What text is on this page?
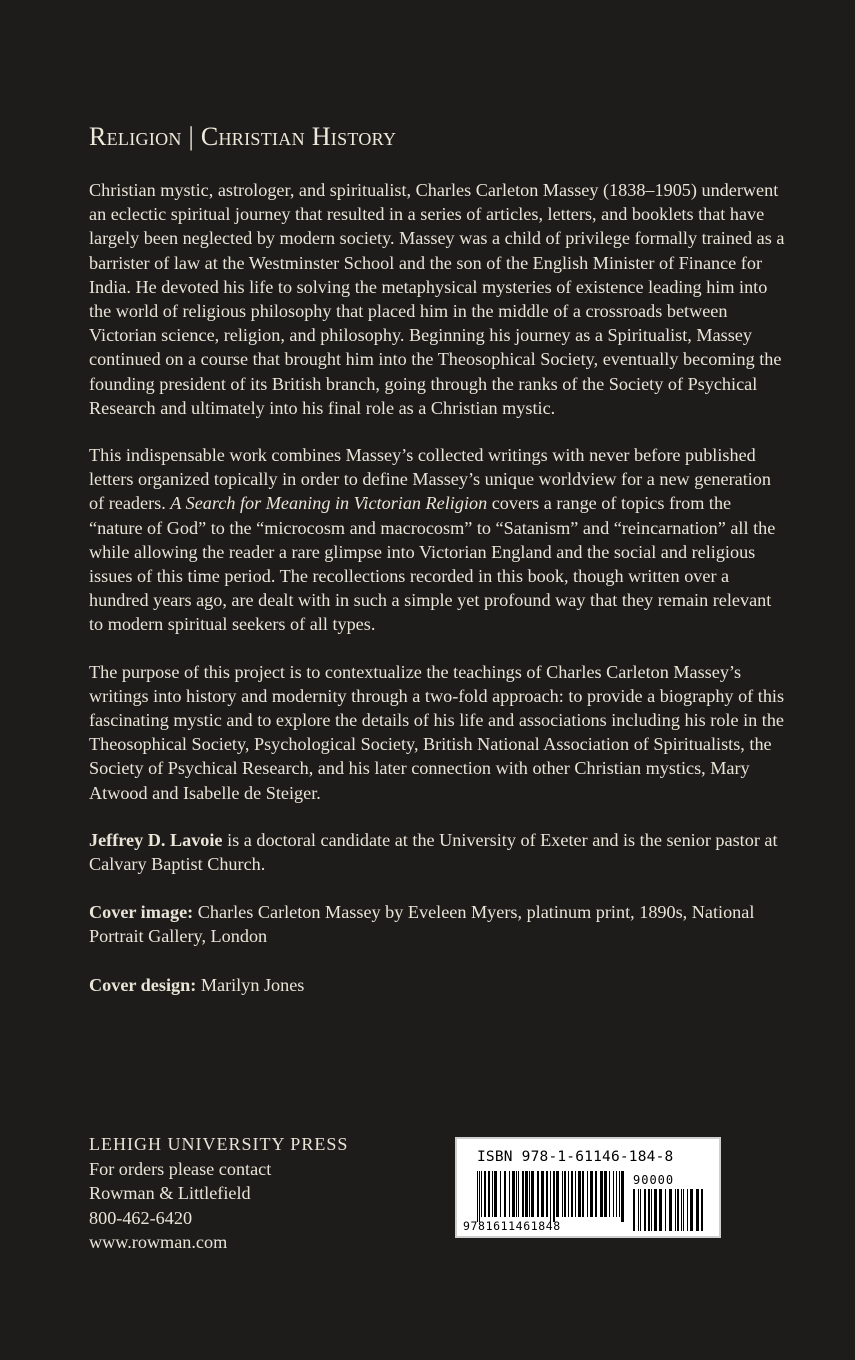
Religion | Christian History

Christian mystic, astrologer, and spiritualist, Charles Carleton Massey (1838–1905) underwent an eclectic spiritual journey that resulted in a series of articles, letters, and booklets that have largely been neglected by modern society. Massey was a child of privilege formally trained as a barrister of law at the Westminster School and the son of the English Minister of Finance for India. He devoted his life to solving the metaphysical mysteries of existence leading him into the world of religious philosophy that placed him in the middle of a crossroads between Victorian science, religion, and philosophy. Beginning his journey as a Spiritualist, Massey continued on a course that brought him into the Theosophical Society, eventually becoming the founding president of its British branch, going through the ranks of the Society of Psychical Research and ultimately into his final role as a Christian mystic.

This indispensable work combines Massey’s collected writings with never before published letters organized topically in order to define Massey’s unique worldview for a new generation of readers. A Search for Meaning in Victorian Religion covers a range of topics from the “nature of God” to the “microcosm and macrocosm” to “Satanism” and “reincarnation” all the while allowing the reader a rare glimpse into Victorian England and the social and religious issues of this time period. The recollections recorded in this book, though written over a hundred years ago, are dealt with in such a simple yet profound way that they remain relevant to modern spiritual seekers of all types.

The purpose of this project is to contextualize the teachings of Charles Carleton Massey’s writings into history and modernity through a two-fold approach: to provide a biography of this fascinating mystic and to explore the details of his life and associations including his role in the Theosophical Society, Psychological Society, British National Association of Spiritualists, the Society of Psychical Research, and his later connection with other Christian mystics, Mary Atwood and Isabelle de Steiger.

Jeffrey D. Lavoie is a doctoral candidate at the University of Exeter and is the senior pastor at Calvary Baptist Church.

Cover image: Charles Carleton Massey by Eveleen Myers, platinum print, 1890s, National Portrait Gallery, London

Cover design: Marilyn Jones

LEHIGH UNIVERSITY PRESS
For orders please contact
Rowman & Littlefield
800-462-6420
www.rowman.com
ISBN 978-1-61146-184-8
90000
9781611461848
